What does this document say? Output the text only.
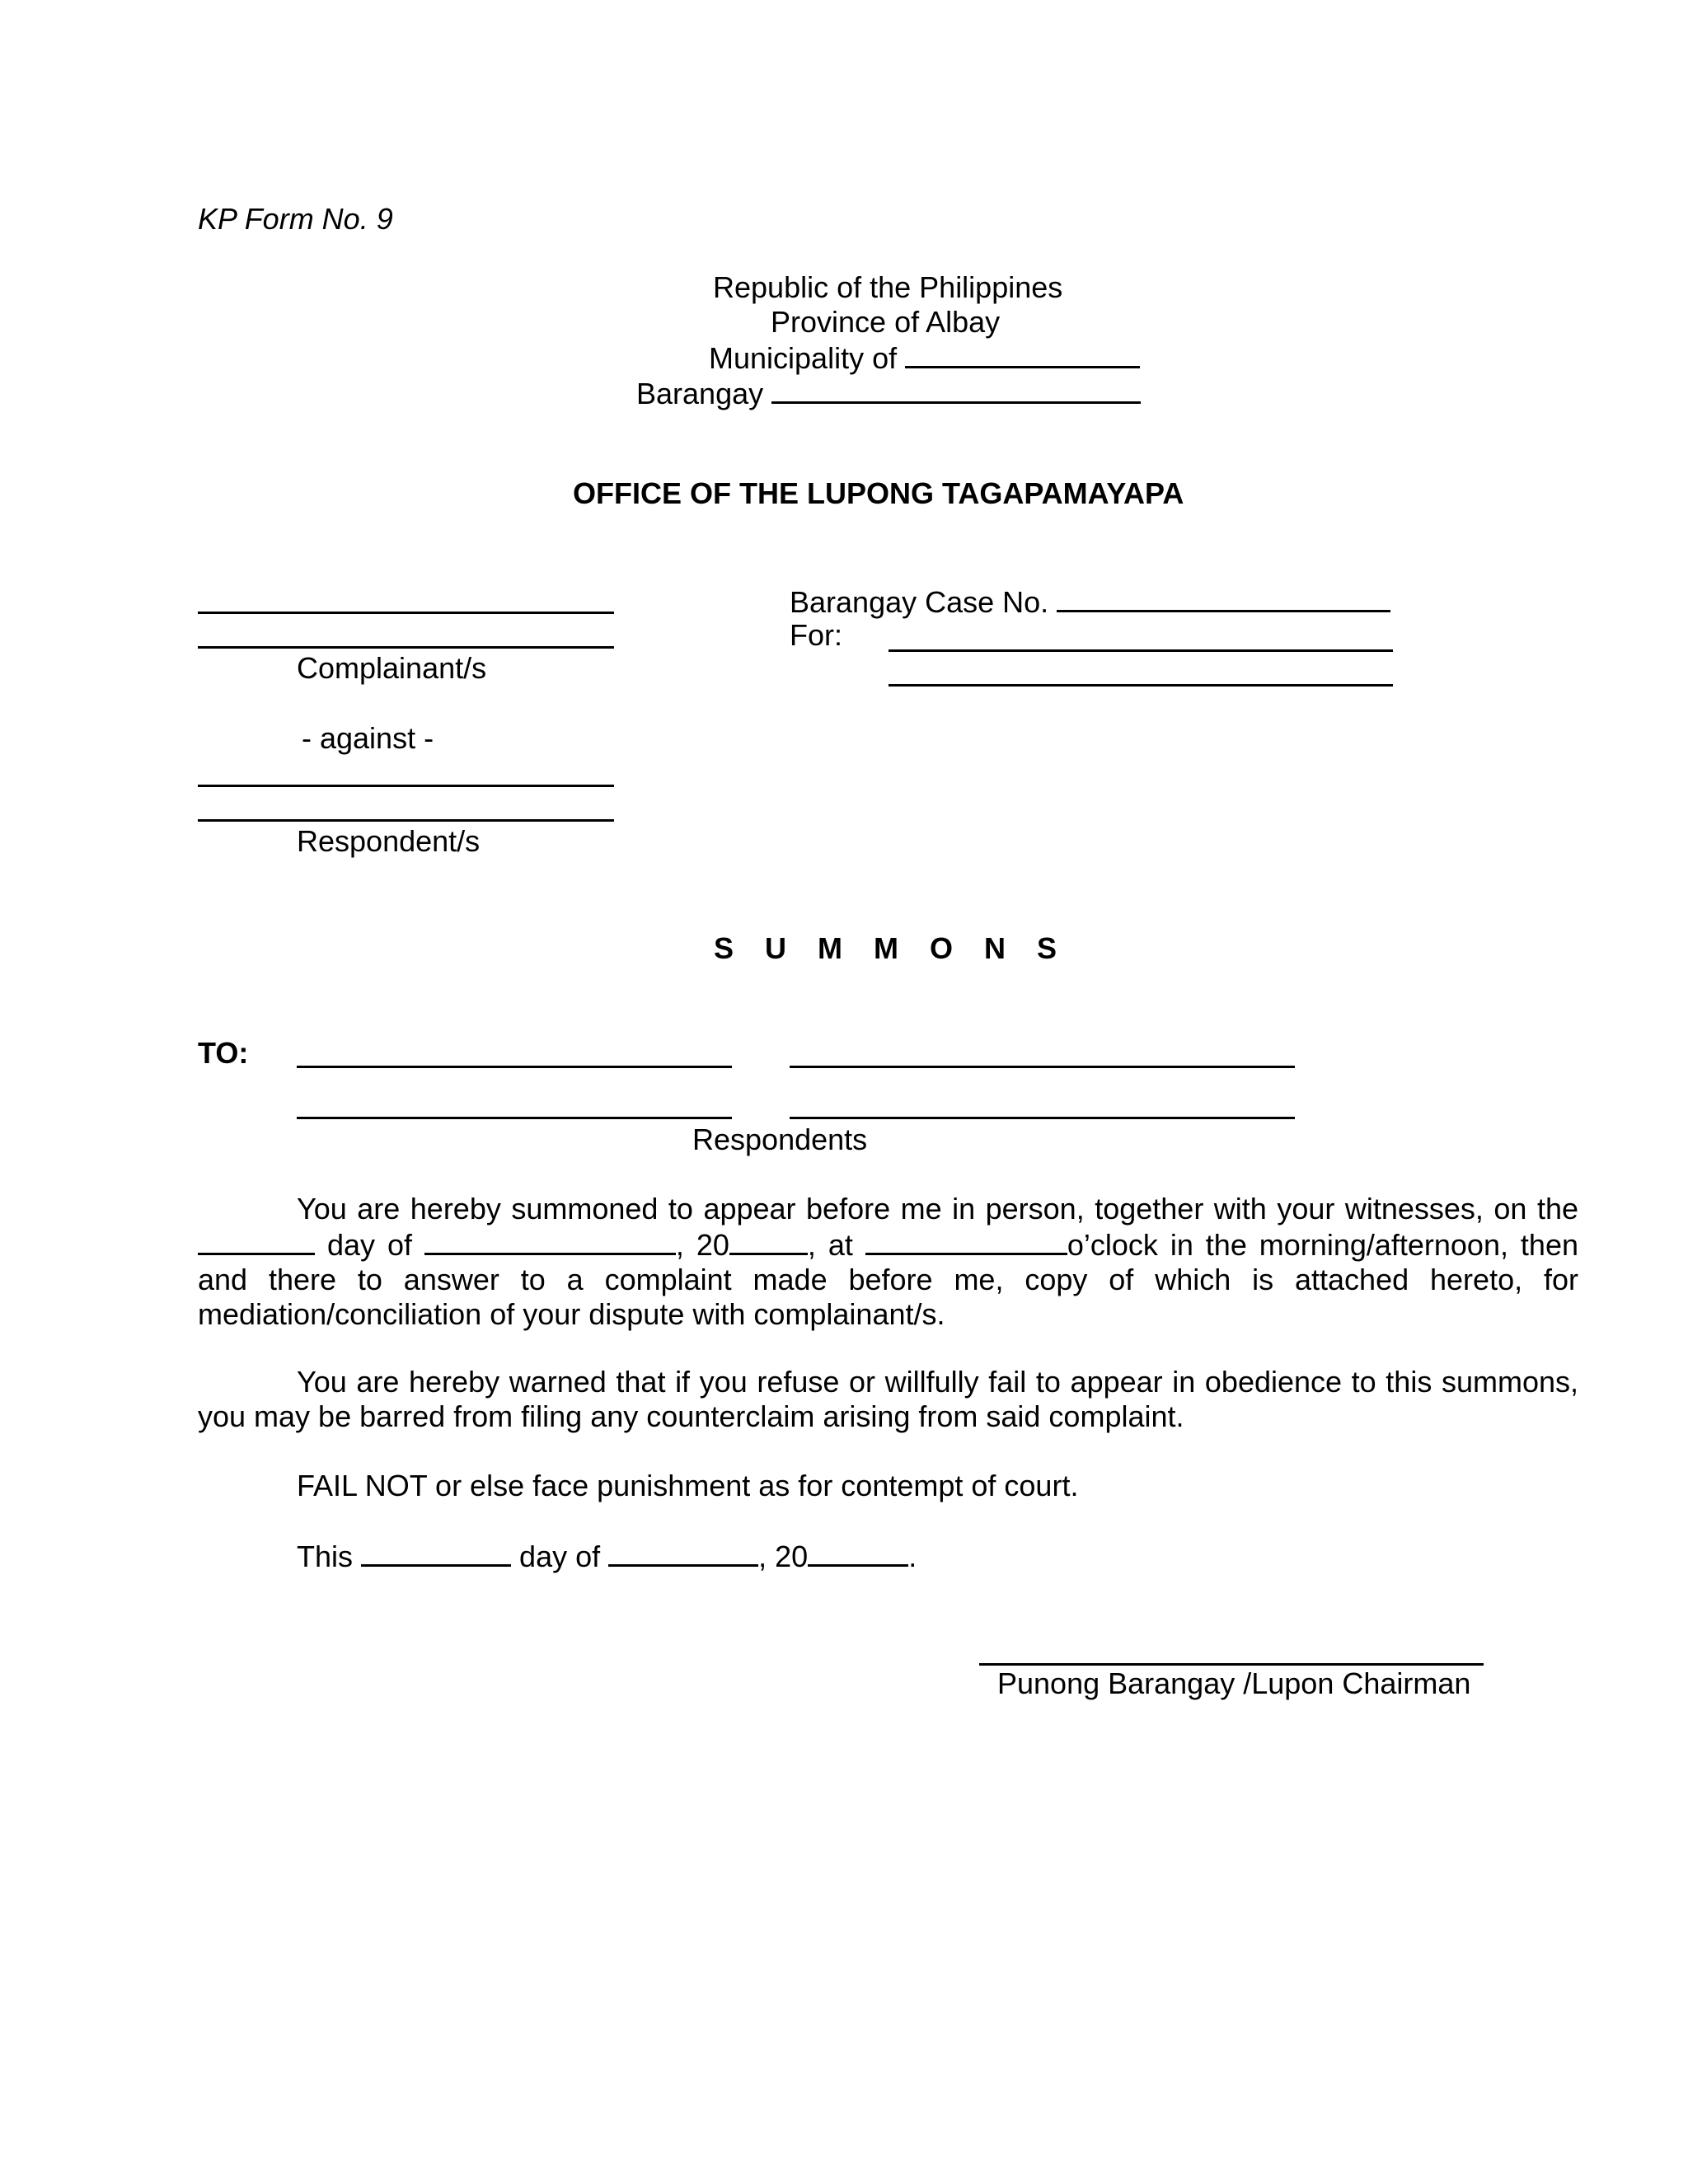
KP Form No. 9
Republic of the Philippines
Province of Albay
Municipality of
Barangay
OFFICE OF THE LUPONG TAGAPAMAYAPA
Complainant/s
- against -
Respondent/s
Barangay Case No.
For:
S U M M O N S
TO:
Respondents
You are hereby summoned to appear before me in person, together with your witnesses, on the  day of	, 20	, at	o’clock in the morning/afternoon, then and there to answer to a complaint made before me, copy of which is attached hereto, for mediation/conciliation of your dispute with complainant/s.
You are hereby warned that if you refuse or willfully fail to appear in obedience to this summons, you may be barred from filing any counterclaim arising from said complaint.
FAIL NOT or else face punishment as for contempt of court.
This	day of	, 20	.
Punong Barangay /Lupon Chairman
